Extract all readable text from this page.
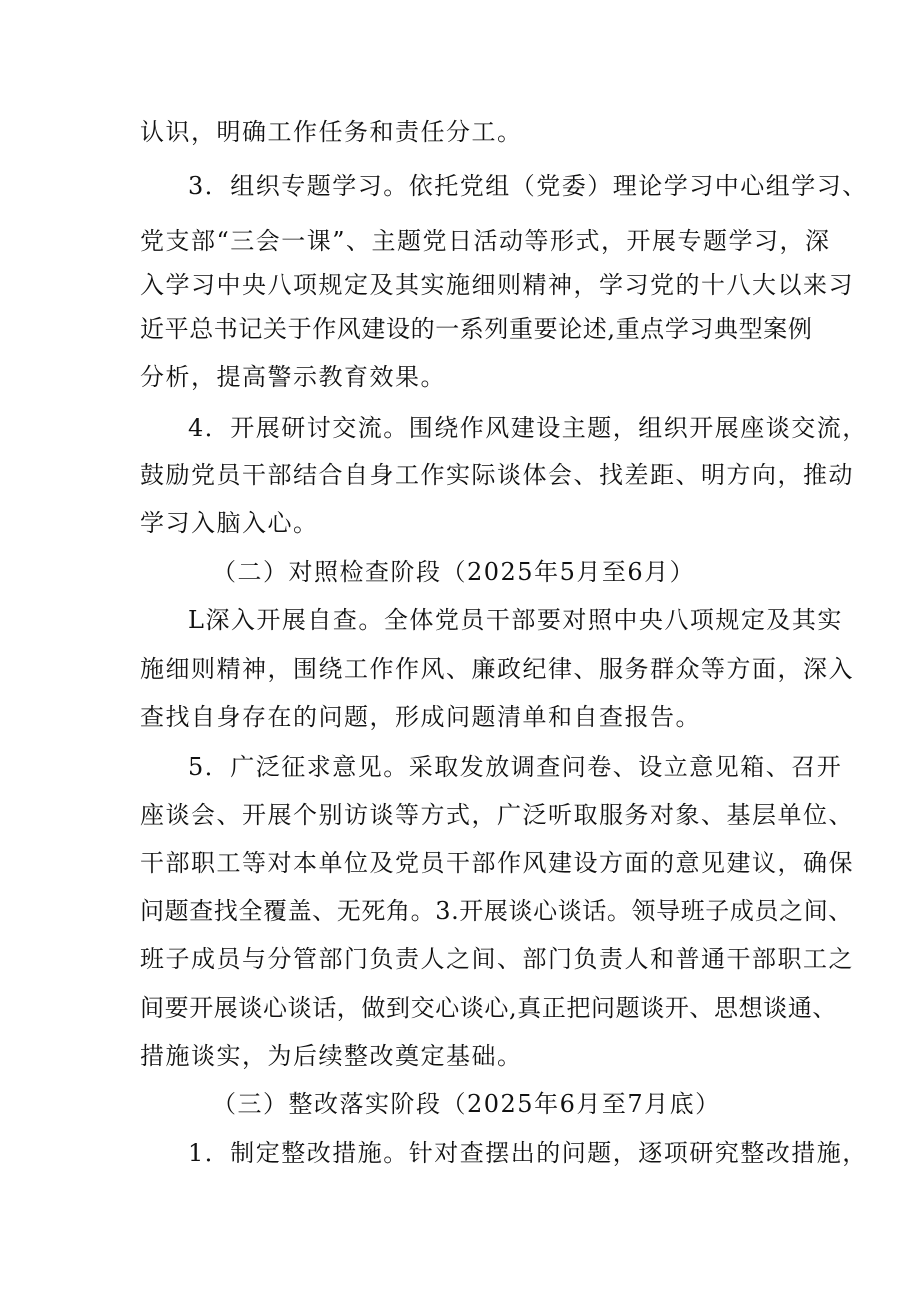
认识，明确工作任务和责任分工。
3．组织专题学习。依托党组（党委）理论学习中心组学习、
党支部“三会一课”、主题党日活动等形式，开展专题学习，深
入学习中央八项规定及其实施细则精神，学习党的十八大以来习
近平总书记关于作风建设的一系列重要论述,重点学习典型案例
分析，提高警示教育效果。
4．开展研讨交流。围绕作风建设主题，组织开展座谈交流，
鼓励党员干部结合自身工作实际谈体会、找差距、明方向，推动
学习入脑入心。
（二）对照检查阶段（2025年5月至6月）
L深入开展自查。全体党员干部要对照中央八项规定及其实
施细则精神，围绕工作作风、廉政纪律、服务群众等方面，深入
查找自身存在的问题，形成问题清单和自查报告。
5．广泛征求意见。采取发放调查问卷、设立意见箱、召开
座谈会、开展个别访谈等方式，广泛听取服务对象、基层单位、
干部职工等对本单位及党员干部作风建设方面的意见建议，确保
问题查找全覆盖、无死角。3.开展谈心谈话。领导班子成员之间、
班子成员与分管部门负责人之间、部门负责人和普通干部职工之
间要开展谈心谈话，做到交心谈心,真正把问题谈开、思想谈通、
措施谈实，为后续整改奠定基础。
（三）整改落实阶段（2025年6月至7月底）
1．制定整改措施。针对查摆出的问题，逐项研究整改措施，
